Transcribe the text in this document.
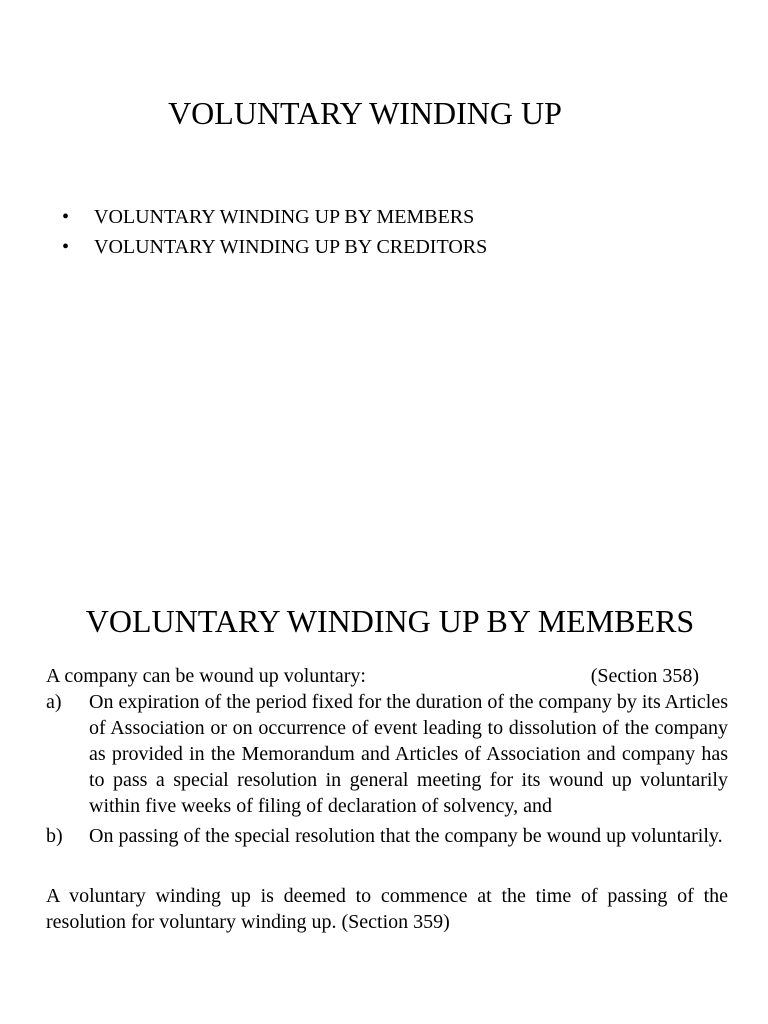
VOLUNTARY WINDING UP
• VOLUNTARY WINDING UP BY MEMBERS
• VOLUNTARY WINDING UP BY CREDITORS
VOLUNTARY WINDING UP BY MEMBERS

A company can be wound up voluntary:	(Section 358)

a)	On expiration of the period fixed for the duration of the company by its Articles of Association or on occurrence of event leading to dissolution of the company as provided in the Memorandum and Articles of Association and company has to pass a special resolution in general meeting for its wound up voluntarily within five weeks of filing of declaration of solvency, and

b)	On passing of the special resolution that the company be wound up voluntarily.

A voluntary winding up is deemed to commence at the time of passing of the resolution for voluntary winding up. (Section 359)
